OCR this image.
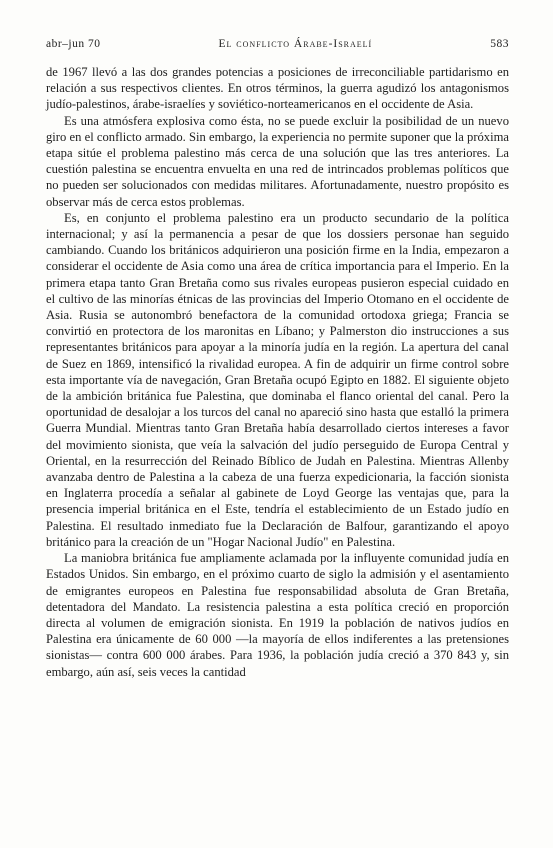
abr–jun 70	El conflicto Árabe-Israelí	583

de 1967 llevó a las dos grandes potencias a posiciones de irreconciliable partidarismo en relación a sus respectivos clientes. En otros términos, la guerra agudizó los antagonismos judío-palestinos, árabe-israelíes y soviético-norteamericanos en el occidente de Asia.

Es una atmósfera explosiva como ésta, no se puede excluir la posibilidad de un nuevo giro en el conflicto armado. Sin embargo, la experiencia no permite suponer que la próxima etapa sitúe el problema palestino más cerca de una solución que las tres anteriores. La cuestión palestina se encuentra envuelta en una red de intrincados problemas políticos que no pueden ser solucionados con medidas militares. Afortunadamente, nuestro propósito es observar más de cerca estos problemas.

Es, en conjunto el problema palestino era un producto secundario de la política internacional; y así la permanencia a pesar de que los dossiers personae han seguido cambiando. Cuando los británicos adquirieron una posición firme en la India, empezaron a considerar el occidente de Asia como una área de crítica importancia para el Imperio. En la primera etapa tanto Gran Bretaña como sus rivales europeas pusieron especial cuidado en el cultivo de las minorías étnicas de las provincias del Imperio Otomano en el occidente de Asia. Rusia se autonombró benefactora de la comunidad ortodoxa griega; Francia se convirtió en protectora de los maronitas en Líbano; y Palmerston dio instrucciones a sus representantes británicos para apoyar a la minoría judía en la región. La apertura del canal de Suez en 1869, intensificó la rivalidad europea. A fin de adquirir un firme control sobre esta importante vía de navegación, Gran Bretaña ocupó Egipto en 1882. El siguiente objeto de la ambición británica fue Palestina, que dominaba el flanco oriental del canal. Pero la oportunidad de desalojar a los turcos del canal no apareció sino hasta que estalló la primera Guerra Mundial. Mientras tanto Gran Bretaña había desarrollado ciertos intereses a favor del movimiento sionista, que veía la salvación del judío perseguido de Europa Central y Oriental, en la resurrección del Reinado Bíblico de Judah en Palestina. Mientras Allenby avanzaba dentro de Palestina a la cabeza de una fuerza expedicionaria, la facción sionista en Inglaterra procedía a señalar al gabinete de Loyd George las ventajas que, para la presencia imperial británica en el Este, tendría el establecimiento de un Estado judío en Palestina. El resultado inmediato fue la Declaración de Balfour, garantizando el apoyo británico para la creación de un "Hogar Nacional Judío" en Palestina.

La maniobra británica fue ampliamente aclamada por la influyente comunidad judía en Estados Unidos. Sin embargo, en el próximo cuarto de siglo la admisión y el asentamiento de emigrantes europeos en Palestina fue responsabilidad absoluta de Gran Bretaña, detentadora del Mandato. La resistencia palestina a esta política creció en proporción directa al volumen de emigración sionista. En 1919 la población de nativos judíos en Palestina era únicamente de 60 000 —la mayoría de ellos indiferentes a las pretensiones sionistas— contra 600 000 árabes. Para 1936, la población judía creció a 370 843 y, sin embargo, aún así, seis veces la cantidad
